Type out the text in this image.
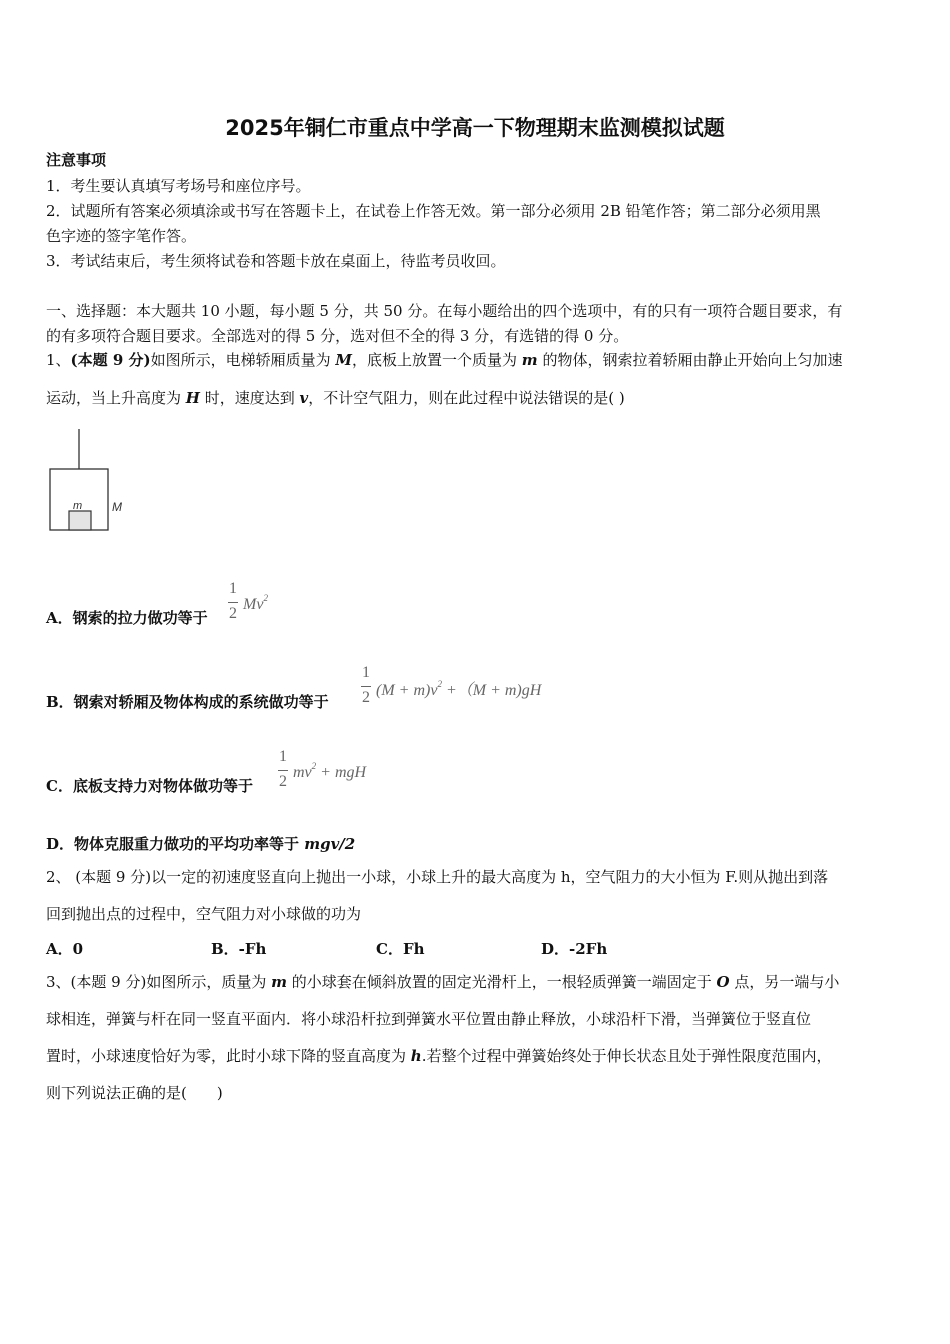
2025年铜仁市重点中学高一下物理期末监测模拟试题
注意事项
1．考生要认真填写考场号和座位序号。
2．试题所有答案必须填涂或书写在答题卡上，在试卷上作答无效。第一部分必须用 2B 铅笔作答；第二部分必须用黑
色字迹的签字笔作答。
3．考试结束后，考生须将试卷和答题卡放在桌面上，待监考员收回。
一、选择题：本大题共 10 小题，每小题 5 分，共 50 分。在每小题给出的四个选项中，有的只有一项符合题目要求，有
的有多项符合题目要求。全部选对的得 5 分，选对但不全的得 3 分，有选错的得 0 分。
1、(本题 9 分)如图所示，电梯轿厢质量为 M，底板上放置一个质量为 m 的物体，钢索拉着轿厢由静止开始向上匀加速
运动，当上升高度为 H 时，速度达到 v，不计空气阻力，则在此过程中说法错误的是( )
m M
A．钢索的拉力做功等于
1
2
Mv$^2$
B．钢索对轿厢及物体构成的系统做功等于
1
2 $(M + m)v^2 +(M + m)gH$
C．底板支持力对物体做功等于
1
2
$mv^2$ + mgH
D．物体克服重力做功的平均功率等于 mgv/2
2、 (本题 9 分)以一定的初速度竖直向上抛出一小球，小球上升的最大高度为 h，空气阻力的大小恒为 F.则从抛出到落
回到抛出点的过程中，空气阻力对小球做的功为
A．0	B．-Fh	C．Fh	D．-2Fh
3、(本题 9 分)如图所示，质量为 m 的小球套在倾斜放置的固定光滑杆上，一根轻质弹簧一端固定于 O 点，另一端与小
球相连，弹簧与杆在同一竖直平面内．将小球沿杆拉到弹簧水平位置由静止释放，小球沿杆下滑，当弹簧位于竖直位
置时，小球速度恰好为零，此时小球下降的竖直高度为 h.若整个过程中弹簧始终处于伸长状态且处于弹性限度范围内，
则下列说法正确的是(　　)
